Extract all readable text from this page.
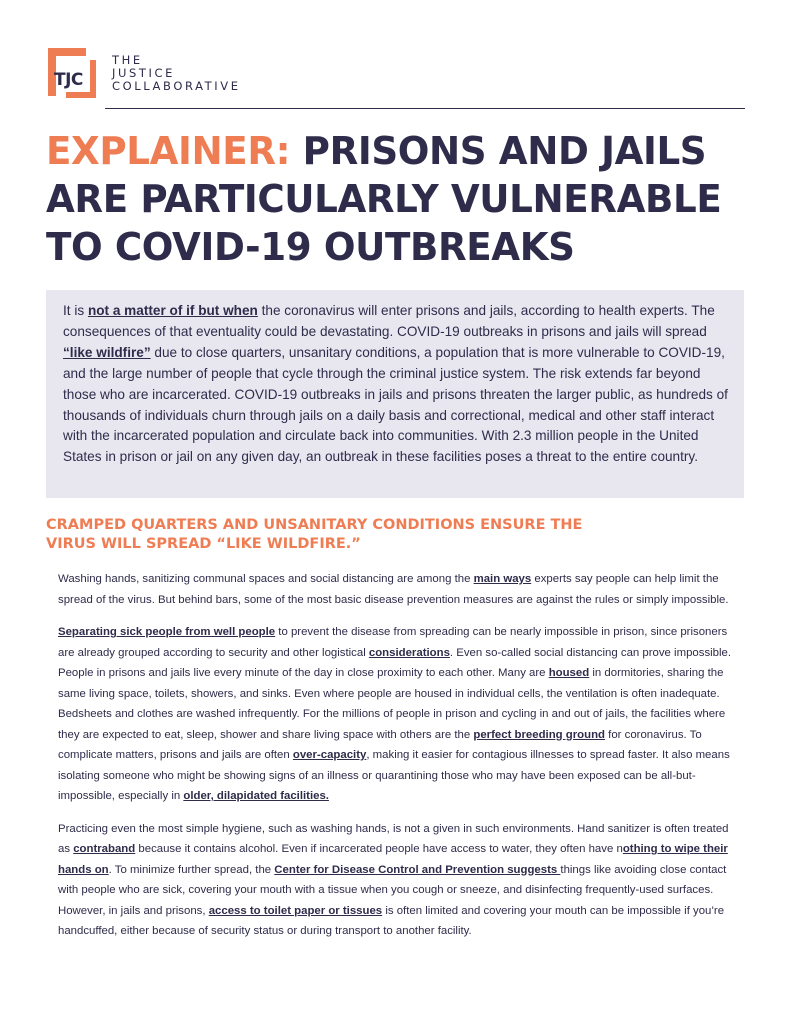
TJC
THE
JUSTICE
COLLABORATIVE
EXPLAINER: PRISONS AND JAILS
ARE PARTICULARLY VULNERABLE
TO COVID-19 OUTBREAKS

It is not a matter of if but when the coronavirus will enter prisons and jails, according to health experts. The consequences of that eventuality could be devastating. COVID-19 outbreaks in prisons and jails will spread “like wildfire” due to close quarters, unsanitary conditions, a population that is more vulnerable to COVID-19, and the large number of people that cycle through the criminal justice system. The risk extends far beyond those who are incarcerated. COVID-19 outbreaks in jails and prisons threaten the larger public, as hundreds of thousands of individuals churn through jails on a daily basis and correctional, medical and other staff interact with the incarcerated population and circulate back into communities. With 2.3 million people in the United States in prison or jail on any given day, an outbreak in these facilities poses a threat to the entire country.

CRAMPED QUARTERS AND UNSANITARY CONDITIONS ENSURE THE
VIRUS WILL SPREAD “LIKE WILDFIRE.”

Washing hands, sanitizing communal spaces and social distancing are among the main ways experts say people can help limit the spread of the virus. But behind bars, some of the most basic disease prevention measures are against the rules or simply impossible.

Separating sick people from well people to prevent the disease from spreading can be nearly impossible in prison, since prisoners are already grouped according to security and other logistical considerations. Even so-called social distancing can prove impossible. People in prisons and jails live every minute of the day in close proximity to each other. Many are housed in dormitories, sharing the same living space, toilets, showers, and sinks. Even where people are housed in individual cells, the ventilation is often inadequate. Bedsheets and clothes are washed infrequently. For the millions of people in prison and cycling in and out of jails, the facilities where they are expected to eat, sleep, shower and share living space with others are the perfect breeding ground for coronavirus. To complicate matters, prisons and jails are often over-capacity, making it easier for contagious illnesses to spread faster. It also means isolating someone who might be showing signs of an illness or quarantining those who may have been exposed can be all-but-impossible, especially in older, dilapidated facilities.

Practicing even the most simple hygiene, such as washing hands, is not a given in such environments. Hand sanitizer is often treated as contraband because it contains alcohol. Even if incarcerated people have access to water, they often have nothing to wipe their hands on. To minimize further spread, the Center for Disease Control and Prevention suggests things like avoiding close contact with people who are sick, covering your mouth with a tissue when you cough or sneeze, and disinfecting frequently-used surfaces. However, in jails and prisons, access to toilet paper or tissues is often limited and covering your mouth can be impossible if you’re handcuffed, either because of security status or during transport to another facility.
